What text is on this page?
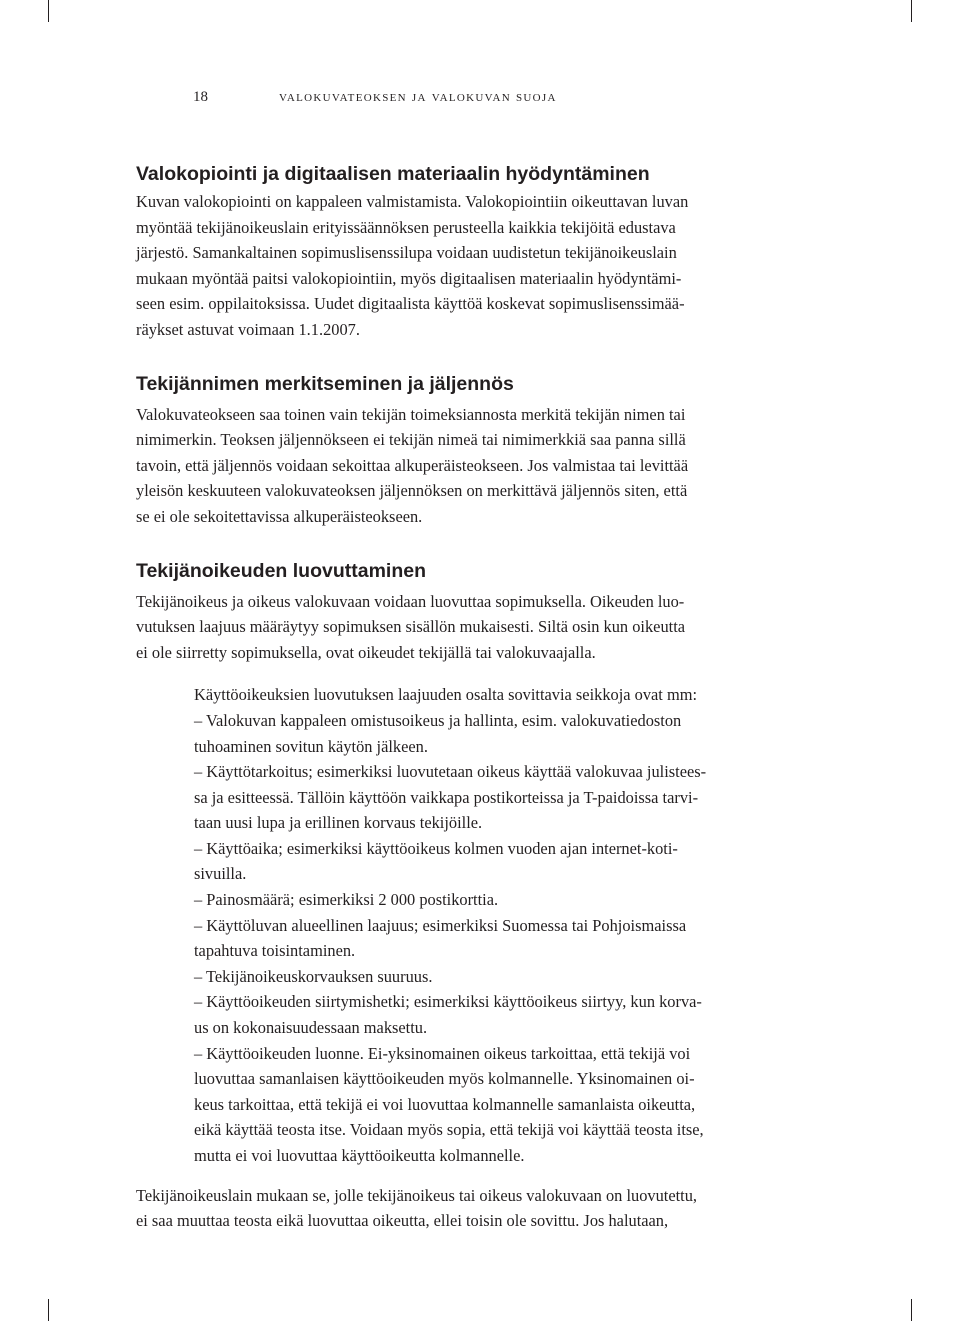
18	valokuvateoksen ja valokuvan suoja
Valokopiointi ja digitaalisen materiaalin hyödyntäminen

Kuvan valokopiointi on kappaleen valmistamista. Valokopiointiin oikeuttavan luvan
myöntää tekijänoikeuslain erityissäännöksen perusteella kaikkia tekijöitä edustava
järjestö. Samankaltainen sopimuslisenssilupa voidaan uudistetun tekijänoikeuslain
mukaan myöntää paitsi valokopiointiin, myös digitaalisen materiaalin hyödyntämi-
seen esim. oppilaitoksissa. Uudet digitaalista käyttöä koskevat sopimuslisenssimää-
räykset astuvat voimaan 1.1.2007.

Tekijännimen merkitseminen ja jäljennös

Valokuvateokseen saa toinen vain tekijän toimeksiannosta merkitä tekijän nimen tai
nimimerkin. Teoksen jäljennökseen ei tekijän nimeä tai nimimerkkiä saa panna sillä
tavoin, että jäljennös voidaan sekoittaa alkuperäisteokseen. Jos valmistaa tai levittää
yleisön keskuuteen valokuvateoksen jäljennöksen on merkittävä jäljennös siten, että
se ei ole sekoitettavissa alkuperäisteokseen.

Tekijänoikeuden luovuttaminen

Tekijänoikeus ja oikeus valokuvaan voidaan luovuttaa sopimuksella. Oikeuden luo-
vutuksen laajuus määräytyy sopimuksen sisällön mukaisesti. Siltä osin kun oikeutta
ei ole siirretty sopimuksella, ovat oikeudet tekijällä tai valokuvaajalla.

Käyttöoikeuksien luovutuksen laajuuden osalta sovittavia seikkoja ovat mm:
– Valokuvan kappaleen omistusoikeus ja hallinta, esim. valokuvatiedoston
tuhoaminen sovitun käytön jälkeen.
– Käyttötarkoitus; esimerkiksi luovutetaan oikeus käyttää valokuvaa julistees-
sa ja esitteessä. Tällöin käyttöön vaikkapa postikorteissa ja T-paidoissa tarvi-
taan uusi lupa ja erillinen korvaus tekijöille.
– Käyttöaika; esimerkiksi käyttöoikeus kolmen vuoden ajan internet-koti-
sivuilla.
– Painosmäärä; esimerkiksi 2 000 postikorttia.
– Käyttöluvan alueellinen laajuus; esimerkiksi Suomessa tai Pohjoismaissa
tapahtuva toisintaminen.
– Tekijänoikeuskorvauksen suuruus.
– Käyttöoikeuden siirtymishetki; esimerkiksi käyttöoikeus siirtyy, kun korva-
us on kokonaisuudessaan maksettu.
– Käyttöoikeuden luonne. Ei-yksinomainen oikeus tarkoittaa, että tekijä voi
luovuttaa samanlaisen käyttöoikeuden myös kolmannelle. Yksinomainen oi-
keus tarkoittaa, että tekijä ei voi luovuttaa kolmannelle samanlaista oikeutta,
eikä käyttää teosta itse. Voidaan myös sopia, että tekijä voi käyttää teosta itse,
mutta ei voi luovuttaa käyttöoikeutta kolmannelle.

Tekijänoikeuslain mukaan se, jolle tekijänoikeus tai oikeus valokuvaan on luovutettu,
ei saa muuttaa teosta eikä luovuttaa oikeutta, ellei toisin ole sovittu. Jos halutaan,
